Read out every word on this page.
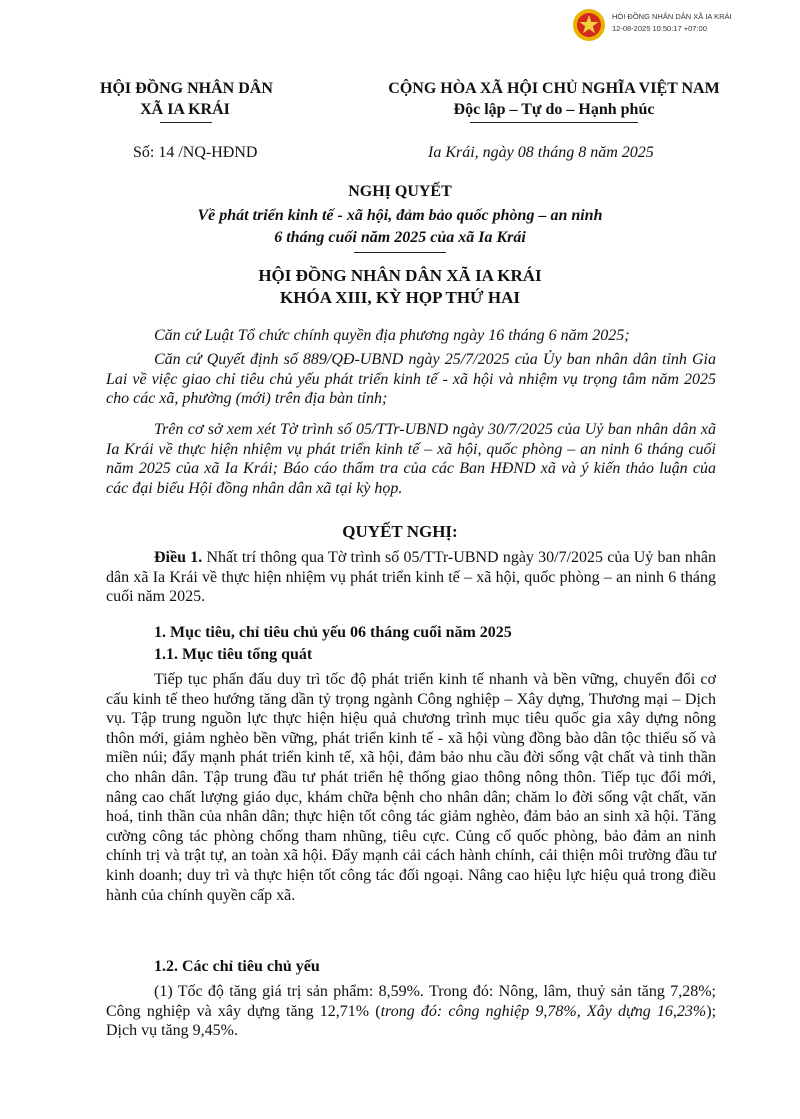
HỘI ĐỒNG NHÂN DÂN XÃ IA KRÁI
12-08-2025 10:50:17 +07:00
HỘI ĐỒNG NHÂN DÂN
XÃ IA KRÁI
CỘNG HÒA XÃ HỘI CHỦ NGHĨA VIỆT NAM
Độc lập – Tự do – Hạnh phúc
Số: 14 /NQ-HĐND	Ia Krái, ngày 08 tháng 8 năm 2025
NGHỊ QUYẾT
Về phát triển kinh tế - xã hội, đảm bảo quốc phòng – an ninh
6 tháng cuối năm 2025 của xã Ia Krái
HỘI ĐỒNG NHÂN DÂN XÃ IA KRÁI
KHÓA XIII, KỲ HỌP THỨ HAI
Căn cứ Luật Tổ chức chính quyền địa phương ngày 16 tháng 6 năm 2025;
Căn cứ Quyết định số 889/QĐ-UBND ngày 25/7/2025 của Ủy ban nhân dân tỉnh Gia Lai về việc giao chỉ tiêu chủ yếu phát triển kinh tế - xã hội và nhiệm vụ trọng tâm năm 2025 cho các xã, phường (mới) trên địa bàn tỉnh;
Trên cơ sở xem xét Tờ trình số 05/TTr-UBND ngày 30/7/2025 của Uỷ ban nhân dân xã Ia Krái về thực hiện nhiệm vụ phát triển kinh tế – xã hội, quốc phòng – an ninh 6 tháng cuối năm 2025 của xã Ia Krái; Báo cáo thẩm tra của các Ban HĐND xã và ý kiến thảo luận của các đại biểu Hội đồng nhân dân xã tại kỳ họp.
QUYẾT NGHỊ:
Điều 1. Nhất trí thông qua Tờ trình số 05/TTr-UBND ngày 30/7/2025 của Uỷ ban nhân dân xã Ia Krái về thực hiện nhiệm vụ phát triển kinh tế – xã hội, quốc phòng – an ninh 6 tháng cuối năm 2025.
1. Mục tiêu, chỉ tiêu chủ yếu 06 tháng cuối năm 2025
1.1. Mục tiêu tổng quát
Tiếp tục phấn đấu duy trì tốc độ phát triển kinh tế nhanh và bền vững, chuyển đổi cơ cấu kinh tế theo hướng tăng dần tỷ trọng ngành Công nghiệp – Xây dựng, Thương mại – Dịch vụ. Tập trung nguồn lực thực hiện hiệu quả chương trình mục tiêu quốc gia xây dựng nông thôn mới, giảm nghèo bền vững, phát triển kinh tế - xã hội vùng đồng bào dân tộc thiểu số và miền núi; đẩy mạnh phát triển kinh tế, xã hội, đảm bảo nhu cầu đời sống vật chất và tinh thần cho nhân dân. Tập trung đầu tư phát triển hệ thống giao thông nông thôn. Tiếp tục đổi mới, nâng cao chất lượng giáo dục, khám chữa bệnh cho nhân dân; chăm lo đời sống vật chất, văn hoá, tinh thần của nhân dân; thực hiện tốt công tác giảm nghèo, đảm bảo an sinh xã hội. Tăng cường công tác phòng chống tham nhũng, tiêu cực. Củng cố quốc phòng, bảo đảm an ninh chính trị và trật tự, an toàn xã hội. Đẩy mạnh cải cách hành chính, cải thiện môi trường đầu tư kinh doanh; duy trì và thực hiện tốt công tác đối ngoại. Nâng cao hiệu lực hiệu quả trong điều hành của chính quyền cấp xã.
1.2. Các chỉ tiêu chủ yếu
(1) Tốc độ tăng giá trị sản phẩm: 8,59%. Trong đó: Nông, lâm, thuỷ sản tăng 7,28%; Công nghiệp và xây dựng tăng 12,71% (trong đó: công nghiệp 9,78%, Xây dựng 16,23%); Dịch vụ tăng 9,45%.
